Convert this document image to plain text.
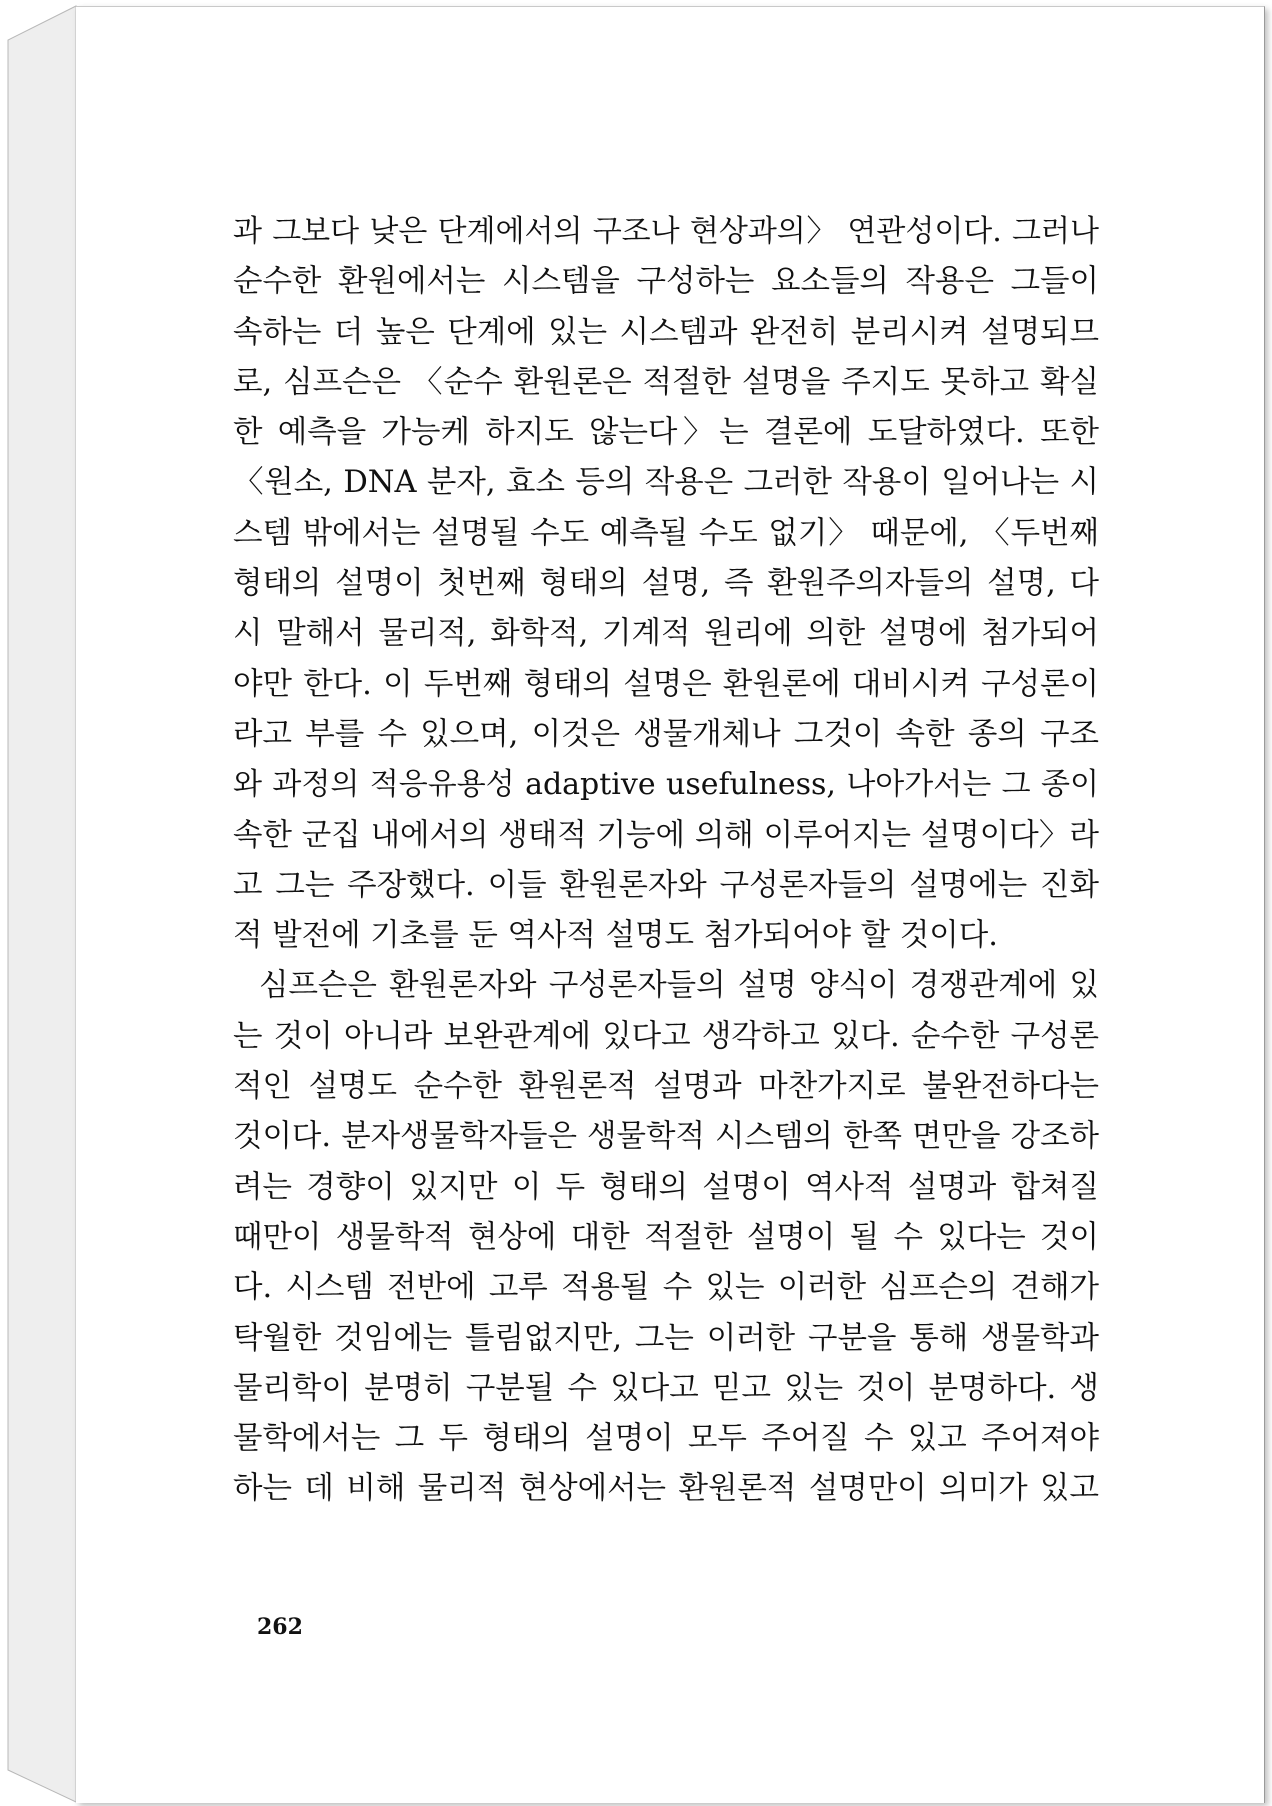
과 그보다 낮은 단계에서의 구조나 현상과의〉 연관성이다. 그러나
순수한 환원에서는 시스템을 구성하는 요소들의 작용은 그들이
속하는 더 높은 단계에 있는 시스템과 완전히 분리시켜 설명되므
로, 심프슨은 〈순수 환원론은 적절한 설명을 주지도 못하고 확실
한 예측을 가능케 하지도 않는다〉는 결론에 도달하였다. 또한
〈원소, DNA 분자, 효소 등의 작용은 그러한 작용이 일어나는 시
스템 밖에서는 설명될 수도 예측될 수도 없기〉 때문에, 〈두번째
형태의 설명이 첫번째 형태의 설명, 즉 환원주의자들의 설명, 다
시 말해서 물리적, 화학적, 기계적 원리에 의한 설명에 첨가되어
야만 한다. 이 두번째 형태의 설명은 환원론에 대비시켜 구성론이
라고 부를 수 있으며, 이것은 생물개체나 그것이 속한 종의 구조
와 과정의 적응유용성 adaptive usefulness, 나아가서는 그 종이
속한 군집 내에서의 생태적 기능에 의해 이루어지는 설명이다〉라
고 그는 주장했다. 이들 환원론자와 구성론자들의 설명에는 진화
적 발전에 기초를 둔 역사적 설명도 첨가되어야 할 것이다.
심프슨은 환원론자와 구성론자들의 설명 양식이 경쟁관계에 있
는 것이 아니라 보완관계에 있다고 생각하고 있다. 순수한 구성론
적인 설명도 순수한 환원론적 설명과 마찬가지로 불완전하다는
것이다. 분자생물학자들은 생물학적 시스템의 한쪽 면만을 강조하
려는 경향이 있지만 이 두 형태의 설명이 역사적 설명과 합쳐질
때만이 생물학적 현상에 대한 적절한 설명이 될 수 있다는 것이
다. 시스템 전반에 고루 적용될 수 있는 이러한 심프슨의 견해가
탁월한 것임에는 틀림없지만, 그는 이러한 구분을 통해 생물학과
물리학이 분명히 구분될 수 있다고 믿고 있는 것이 분명하다. 생
물학에서는 그 두 형태의 설명이 모두 주어질 수 있고 주어져야
하는 데 비해 물리적 현상에서는 환원론적 설명만이 의미가 있고
262
